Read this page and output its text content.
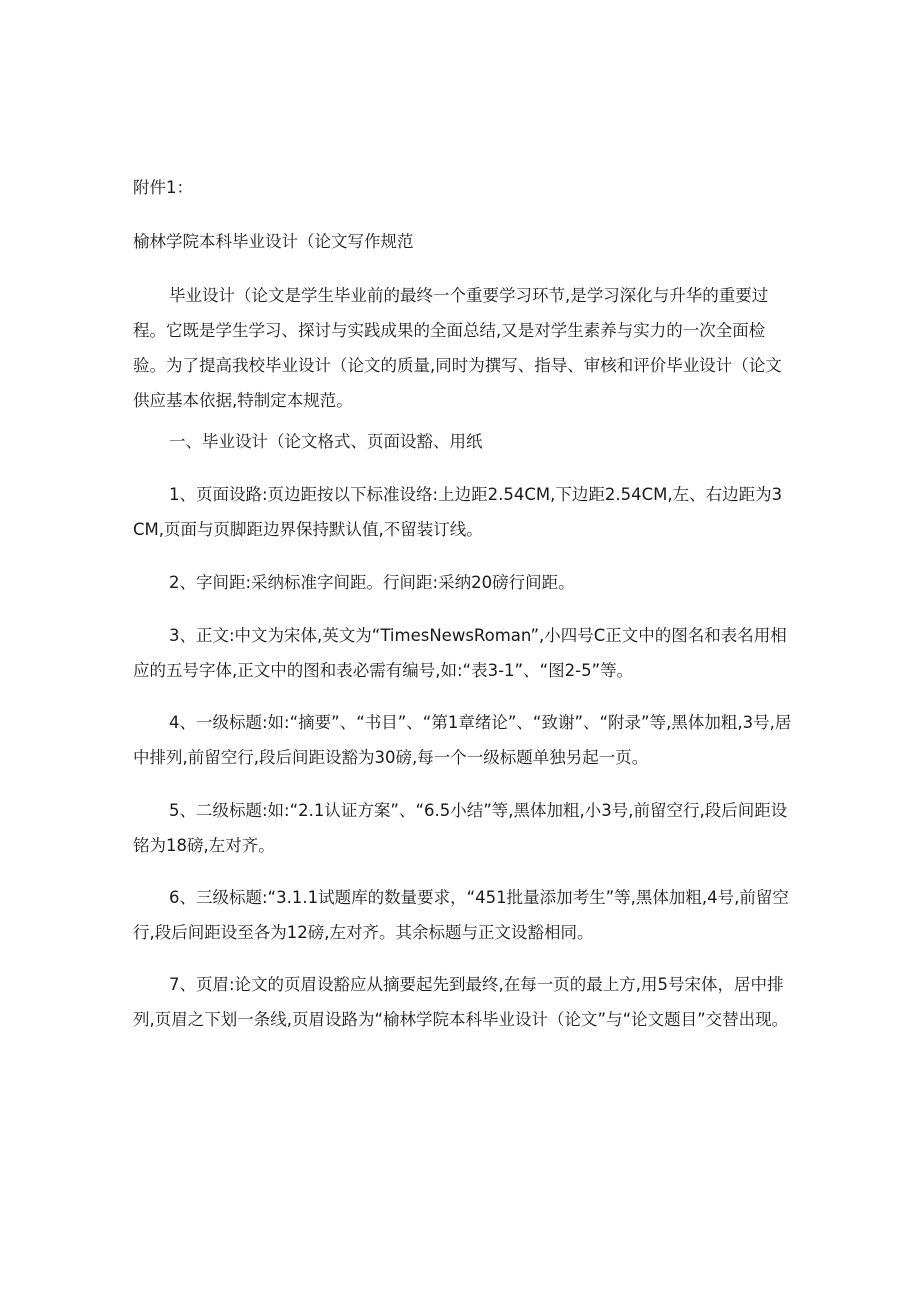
附件1：

榆林学院本科毕业设计（论文写作规范

毕业设计（论文是学生毕业前的最终一个重要学习环节,是学习深化与升华的重要过程。它既是学生学习、探讨与实践成果的全面总结,又是对学生素养与实力的一次全面检验。为了提高我校毕业设计（论文的质量,同时为撰写、指导、审核和评价毕业设计（论文供应基本依据,特制定本规范。

一、毕业设计（论文格式、页面设豁、用纸

1、页面设路:页边距按以下标准设络:上边距2.54CM,下边距2.54CM,左、右边距为3CM,页面与页脚距边界保持默认值,不留装订线。

2、字间距:采纳标准字间距。行间距:采纳20磅行间距。

3、正文:中文为宋体,英文为“TimesNewsRoman”,小四号C正文中的图名和表名用相应的五号字体,正文中的图和表必需有编号,如:“表3-1”、“图2-5”等。

4、一级标题:如:“摘要”、“书目”、“第1章绪论”、“致谢”、“附录”等,黑体加粗,3号,居中排列,前留空行,段后间距设豁为30磅,每一个一级标题单独另起一页。

5、二级标题:如:“2.1认证方案”、“6.5小结”等,黑体加粗,小3号,前留空行,段后间距设铭为18磅,左对齐。

6、三级标题:“3.1.1试题库的数量要求，“451批量添加考生”等,黑体加粗,4号,前留空行,段后间距设至各为12磅,左对齐。其余标题与正文设豁相同。

7、页眉:论文的页眉设豁应从摘要起先到最终,在每一页的最上方,用5号宋体，居中排列,页眉之下划一条线,页眉设路为“榆林学院本科毕业设计（论文”与“论文题目”交替出现。
